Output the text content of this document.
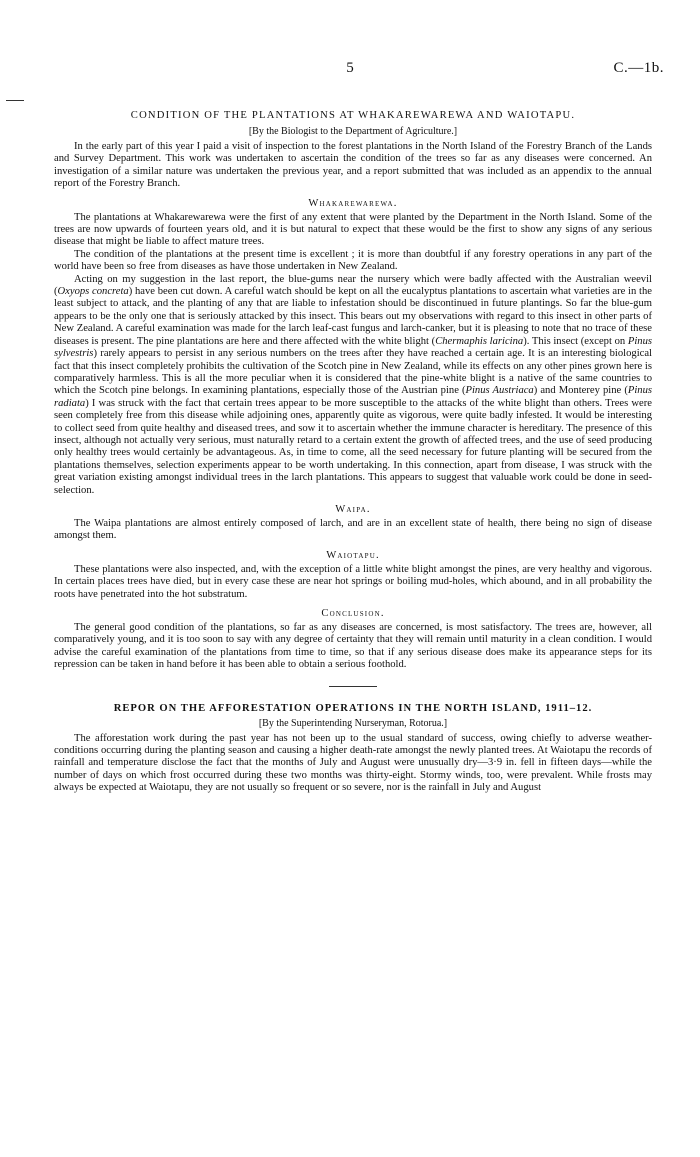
5	C.—1b.
CONDITION OF THE PLANTATIONS AT WHAKAREWAREWA AND WAIOTAPU.
[By the Biologist to the Department of Agriculture.]

In the early part of this year I paid a visit of inspection to the forest plantations in the North Island of the Forestry Branch of the Lands and Survey Department. This work was undertaken to ascertain the condition of the trees so far as any diseases were concerned. An investigation of a similar nature was undertaken the previous year, and a report submitted that was included as an appendix to the annual report of the Forestry Branch.

Whakarewarewa.

The plantations at Whakarewarewa were the first of any extent that were planted by the Department in the North Island. Some of the trees are now upwards of fourteen years old, and it is but natural to expect that these would be the first to show any signs of any serious disease that might be liable to affect mature trees.

The condition of the plantations at the present time is excellent ; it is more than doubtful if any forestry operations in any part of the world have been so free from diseases as have those undertaken in New Zealand.

Acting on my suggestion in the last report, the blue-gums near the nursery which were badly affected with the Australian weevil (Oxyops concreta) have been cut down. A careful watch should be kept on all the eucalyptus plantations to ascertain what varieties are in the least subject to attack, and the planting of any that are liable to infestation should be discontinued in future plantings. So far the blue-gum appears to be the only one that is seriously attacked by this insect. This bears out my observations with regard to this insect in other parts of New Zealand. A careful examination was made for the larch leaf-cast fungus and larch-canker, but it is pleasing to note that no trace of these diseases is present. The pine plantations are here and there affected with the white blight (Chermaphis laricina). This insect (except on Pinus sylvestris) rarely appears to persist in any serious numbers on the trees after they have reached a certain age. It is an interesting biological fact that this insect completely prohibits the cultivation of the Scotch pine in New Zealand, while its effects on any other pines grown here is comparatively harmless. This is all the more peculiar when it is considered that the pine-white blight is a native of the same countries to which the Scotch pine belongs. In examining plantations, especially those of the Austrian pine (Pinus Austriaca) and Monterey pine (Pinus radiata) I was struck with the fact that certain trees appear to be more susceptible to the attacks of the white blight than others. Trees were seen completely free from this disease while adjoining ones, apparently quite as vigorous, were quite badly infested. It would be interesting to collect seed from quite healthy and diseased trees, and sow it to ascertain whether the immune character is hereditary. The presence of this insect, although not actually very serious, must naturally retard to a certain extent the growth of affected trees, and the use of seed producing only healthy trees would certainly be advantageous. As, in time to come, all the seed necessary for future planting will be secured from the plantations themselves, selection experiments appear to be worth undertaking. In this connection, apart from disease, I was struck with the great variation existing amongst individual trees in the larch plantations. This appears to suggest that valuable work could be done in seed-selection.

Waipa.

The Waipa plantations are almost entirely composed of larch, and are in an excellent state of health, there being no sign of disease amongst them.

Waiotapu.

These plantations were also inspected, and, with the exception of a little white blight amongst the pines, are very healthy and vigorous. In certain places trees have died, but in every case these are near hot springs or boiling mud-holes, which abound, and in all probability the roots have penetrated into the hot substratum.

Conclusion.

The general good condition of the plantations, so far as any diseases are concerned, is most satisfactory. The trees are, however, all comparatively young, and it is too soon to say with any degree of certainty that they will remain until maturity in a clean condition. I would advise the careful examination of the plantations from time to time, so that if any serious disease does make its appearance steps for its repression can be taken in hand before it has been able to obtain a serious foothold.

REPOR ON THE AFFORESTATION OPERATIONS IN THE NORTH ISLAND, 1911–12.
[By the Superintending Nurseryman, Rotorua.]

The afforestation work during the past year has not been up to the usual standard of success, owing chiefly to adverse weather-conditions occurring during the planting season and causing a higher death-rate amongst the newly planted trees. At Waiotapu the records of rainfall and temperature disclose the fact that the months of July and August were unusually dry—3·9 in. fell in fifteen days—while the number of days on which frost occurred during these two months was thirty-eight. Stormy winds, too, were prevalent. While frosts may always be expected at Waiotapu, they are not usually so frequent or so severe, nor is the rainfall in July and August
